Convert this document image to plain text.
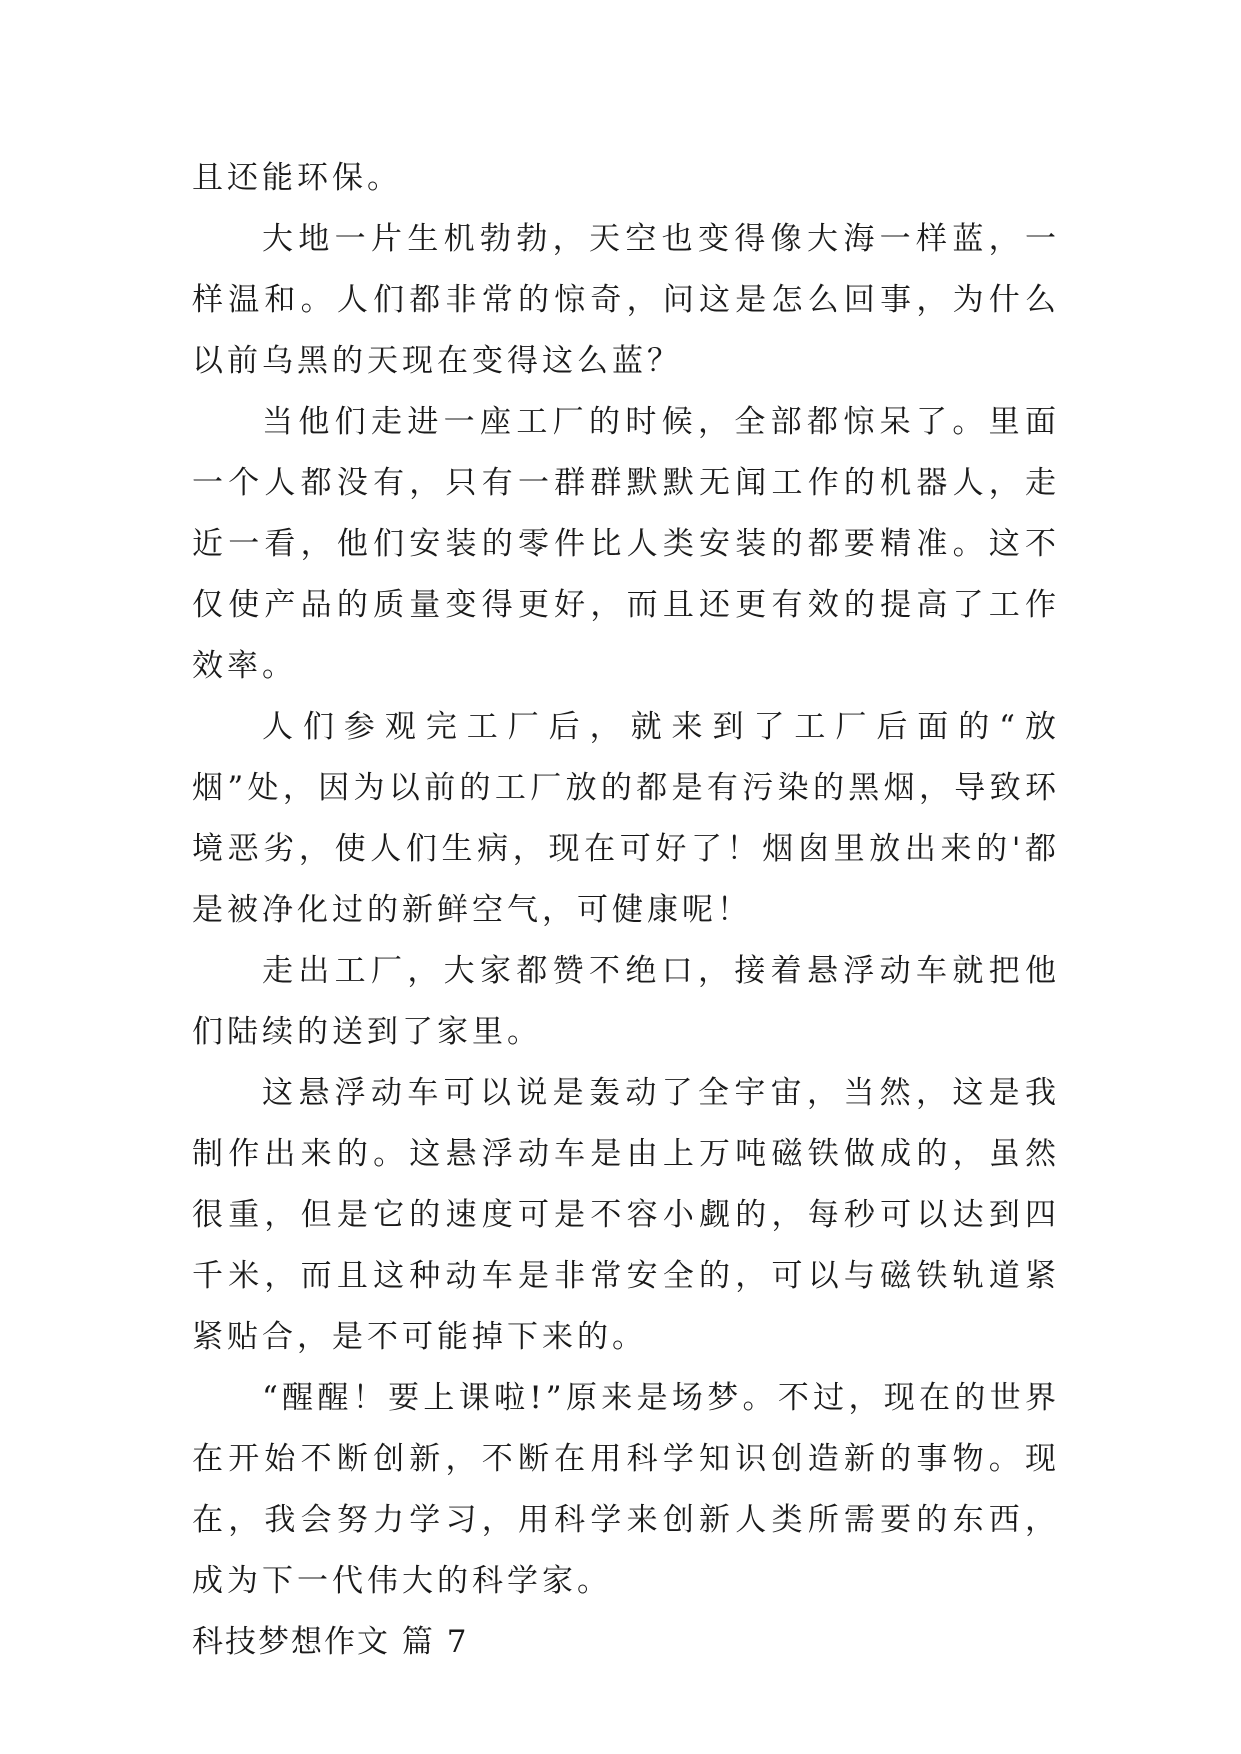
且还能环保。

大地一片生机勃勃，天空也变得像大海一样蓝，一样温和。人们都非常的惊奇，问这是怎么回事，为什么以前乌黑的天现在变得这么蓝？

当他们走进一座工厂的时候，全部都惊呆了。里面一个人都没有，只有一群群默默无闻工作的机器人，走近一看，他们安装的零件比人类安装的都要精准。这不仅使产品的质量变得更好，而且还更有效的提高了工作效率。

人们参观完工厂后，就来到了工厂后面的“放烟”处，因为以前的工厂放的都是有污染的黑烟，导致环境恶劣，使人们生病，现在可好了！烟囱里放出来的'都是被净化过的新鲜空气，可健康呢！

走出工厂，大家都赞不绝口，接着悬浮动车就把他们陆续的送到了家里。

这悬浮动车可以说是轰动了全宇宙，当然，这是我制作出来的。这悬浮动车是由上万吨磁铁做成的，虽然很重，但是它的速度可是不容小觑的，每秒可以达到四千米，而且这种动车是非常安全的，可以与磁铁轨道紧紧贴合，是不可能掉下来的。

“醒醒！要上课啦!”原来是场梦。不过，现在的世界在开始不断创新，不断在用科学知识创造新的事物。现在，我会努力学习，用科学来创新人类所需要的东西，成为下一代伟大的科学家。

科技梦想作文 篇 7
